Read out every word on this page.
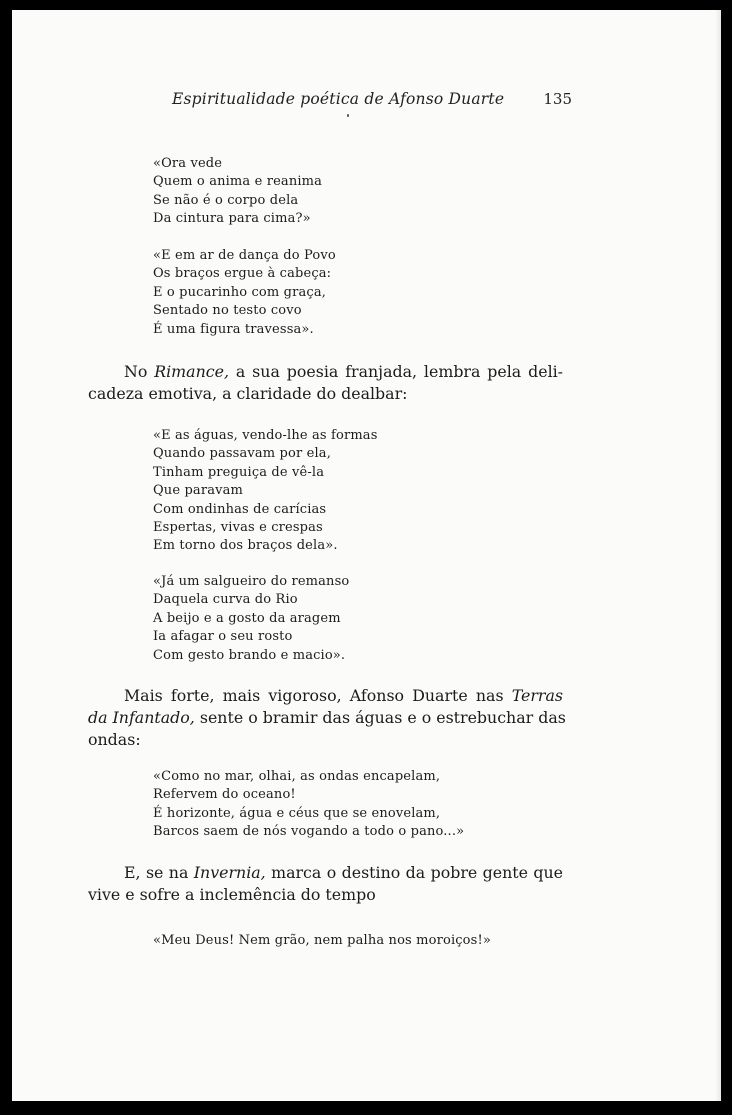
Espiritualidade poética de Afonso Duarte	135
«Ora vede
Quem o anima e reanima
Se não é o corpo dela
Da cintura para cima?»
«E em ar de dança do Povo
Os braços ergue à cabeça:
E o pucarinho com graça,
Sentado no testo covo
É uma figura travessa».
No Rimance, a sua poesia franjada, lembra pela deli-
cadeza emotiva, a claridade do dealbar:
«E as águas, vendo-lhe as formas
Quando passavam por ela,
Tinham preguiça de vê-la
Que paravam
Com ondinhas de carícias
Espertas, vivas e crespas
Em torno dos braços dela».
«Já um salgueiro do remanso
Daquela curva do Rio
A beijo e a gosto da aragem
Ia afagar o seu rosto
Com gesto brando e macio».
Mais forte, mais vigoroso, Afonso Duarte nas Terras
da Infantado, sente o bramir das águas e o estrebuchar das
ondas:
«Como no mar, olhai, as ondas encapelam,
Refervem do oceano!
É horizonte, água e céus que se enovelam,
Barcos saem de nós vogando a todo o pano...»
E, se na Invernia, marca o destino da pobre gente que
vive e sofre a inclemência do tempo
«Meu Deus! Nem grão, nem palha nos moroiços!»
